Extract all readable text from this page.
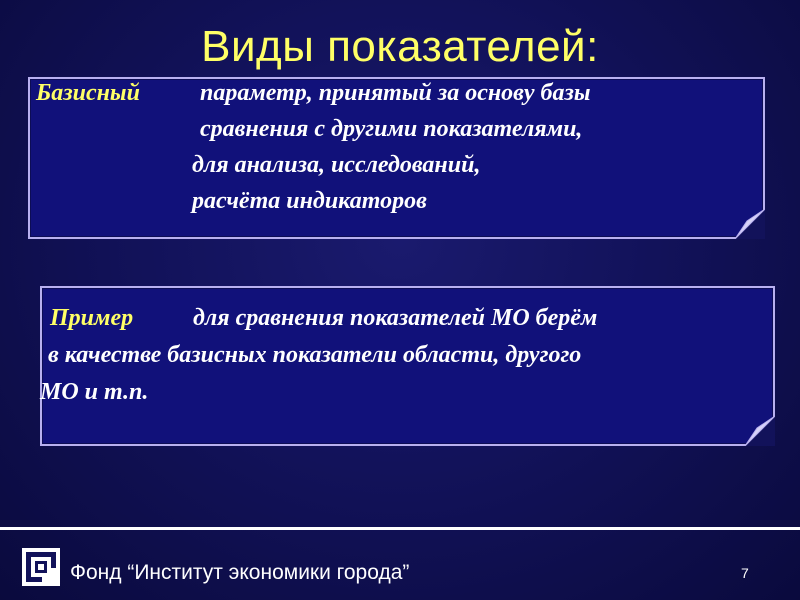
Виды показателей:
Базисный	параметр, принятый за основу базы
сравнения с другими показателями,
для анализа, исследований,
расчёта индикаторов
Пример для сравнения показателей МО берём
в качестве базисных показатели области, другого
МО и т.п.
Фонд “Институт экономики города”	7
